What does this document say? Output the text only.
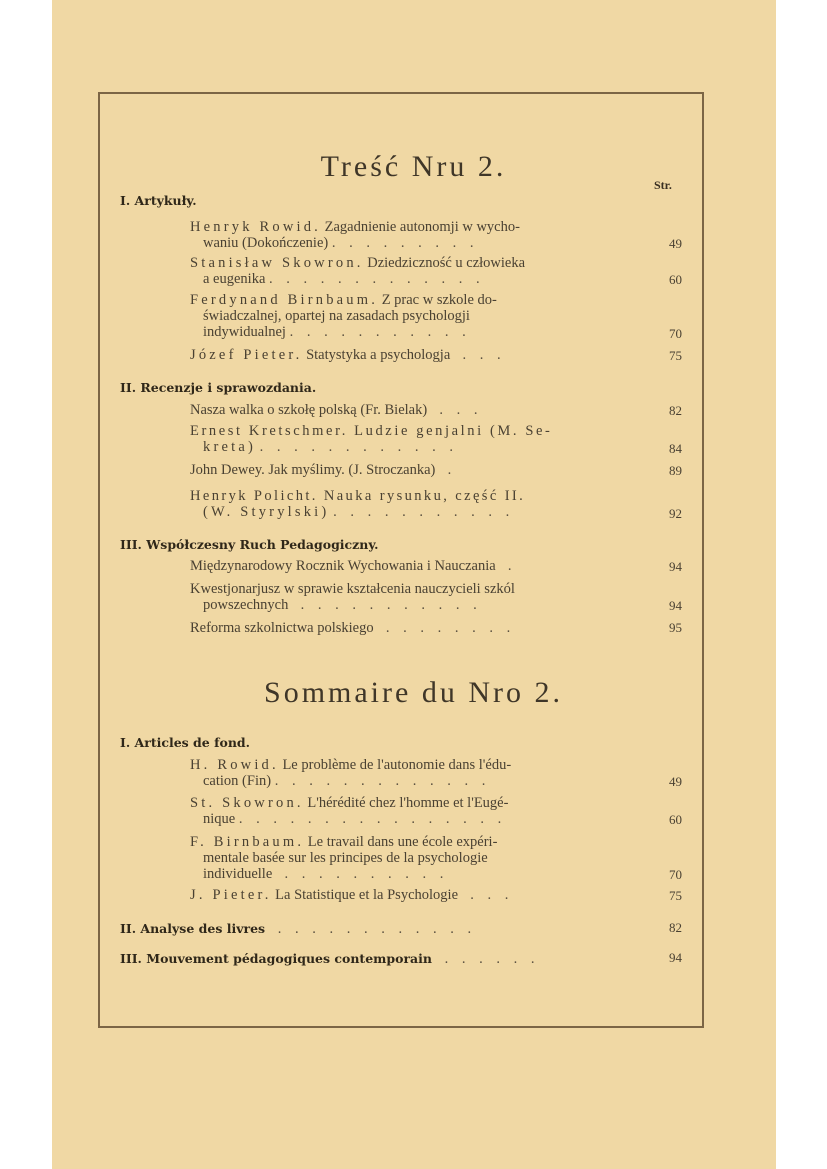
Treść Nru 2.
Str.
I. Artykuły.
Henryk Rowid. Zagadnienie autonomji w wycho-
waniu (Dokończenie) . . . . . . . . .	49
Stanisław Skowron. Dziedziczność u człowieka
a eugenika . . . . . . . . . . . . .	60
Ferdynand Birnbaum. Z prac w szkole do-
świadczalnej, opartej na zasadach psychologji
indywidualnej . . . . . . . . . . .	70
Józef Pieter. Statystyka a psychologja  . . .	75
II. Recenzje i sprawozdania.
Nasza walka o szkołę polską (Fr. Bielak)  . . .	82
Ernest Kretschmer. Ludzie genjalni (M. Se-
kreta) . . . . . . . . . . . .	84
John Dewey. Jak myślimy. (J. Stroczanka)  .	89
Henryk Policht. Nauka rysunku, część II.
(W. Styrylski) . . . . . . . . . . .	92
III. Współczesny Ruch Pedagogiczny.
Międzynarodowy Rocznik Wychowania i Nauczania  .	94
Kwestjonarjusz w sprawie kształcenia nauczycieli szkól
powszechnych  . . . . . . . . . . .	94
Reforma szkolnictwa polskiego  . . . . . . . .	95
Sommaire du Nro 2.
I. Articles de fond.
H. Rowid. Le problème de l'autonomie dans l'édu-
cation (Fin) . . . . . . . . . . . . .	49
St. Skowron. L'hérédité chez l'homme et l'Eugé-
nique . . . . . . . . . . . . . . . .	60
F. Birnbaum. Le travail dans une école expéri-
mentale basée sur les principes de la psychologie
individuelle  . . . . . . . . . .	70
J. Pieter. La Statistique et la Psychologie  . . .	75
II. Analyse des livres  . . . . . . . . . . . .	82
III. Mouvement pédagogiques contemporain  . . . . . .	94
